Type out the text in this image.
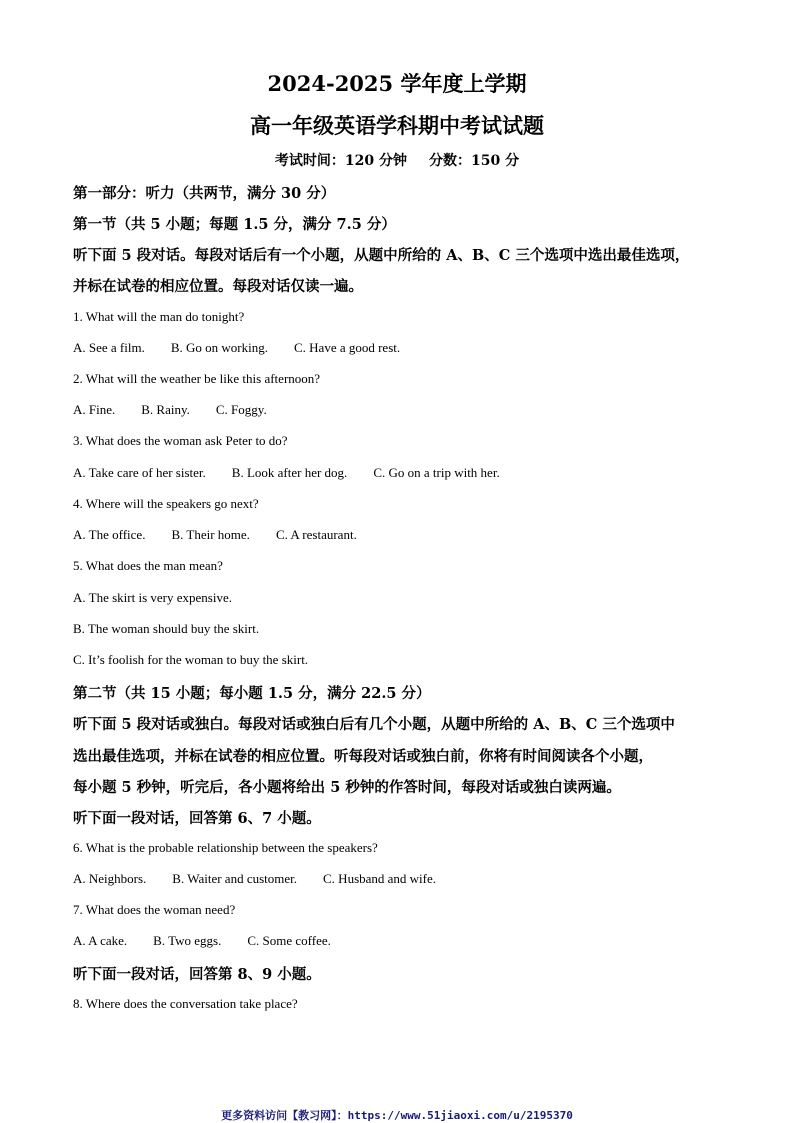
2024-2025 学年度上学期
高一年级英语学科期中考试试题
考试时间：120 分钟 分数：150 分
第一部分：听力（共两节，满分 30 分）
第一节（共 5 小题；每题 1.5 分，满分 7.5 分）
听下面 5 段对话。每段对话后有一个小题，从题中所给的 A、B、C 三个选项中选出最佳选项，
并标在试卷的相应位置。每段对话仅读一遍。
1. What will the man do tonight?
A. See a film. B. Go on working. C. Have a good rest.
2. What will the weather be like this afternoon?
A. Fine. B. Rainy. C. Foggy.
3. What does the woman ask Peter to do?
A. Take care of her sister. B. Look after her dog. C. Go on a trip with her.
4. Where will the speakers go next?
A. The office. B. Their home. C. A restaurant.
5. What does the man mean?
A. The skirt is very expensive.
B. The woman should buy the skirt.
C. It’s foolish for the woman to buy the skirt.
第二节（共 15 小题；每小题 1.5 分，满分 22.5 分）
听下面 5 段对话或独白。每段对话或独白后有几个小题，从题中所给的 A、B、C 三个选项中
选出最佳选项，并标在试卷的相应位置。听每段对话或独白前，你将有时间阅读各个小题，
每小题 5 秒钟，听完后，各小题将给出 5 秒钟的作答时间，每段对话或独白读两遍。
听下面一段对话，回答第 6、7 小题。
6. What is the probable relationship between the speakers?
A. Neighbors. B. Waiter and customer. C. Husband and wife.
7. What does the woman need?
A. A cake. B. Two eggs. C. Some coffee.
听下面一段对话，回答第 8、9 小题。
8. Where does the conversation take place?
更多资料访问【教习网】：https://www.51jiaoxi.com/u/2195370
